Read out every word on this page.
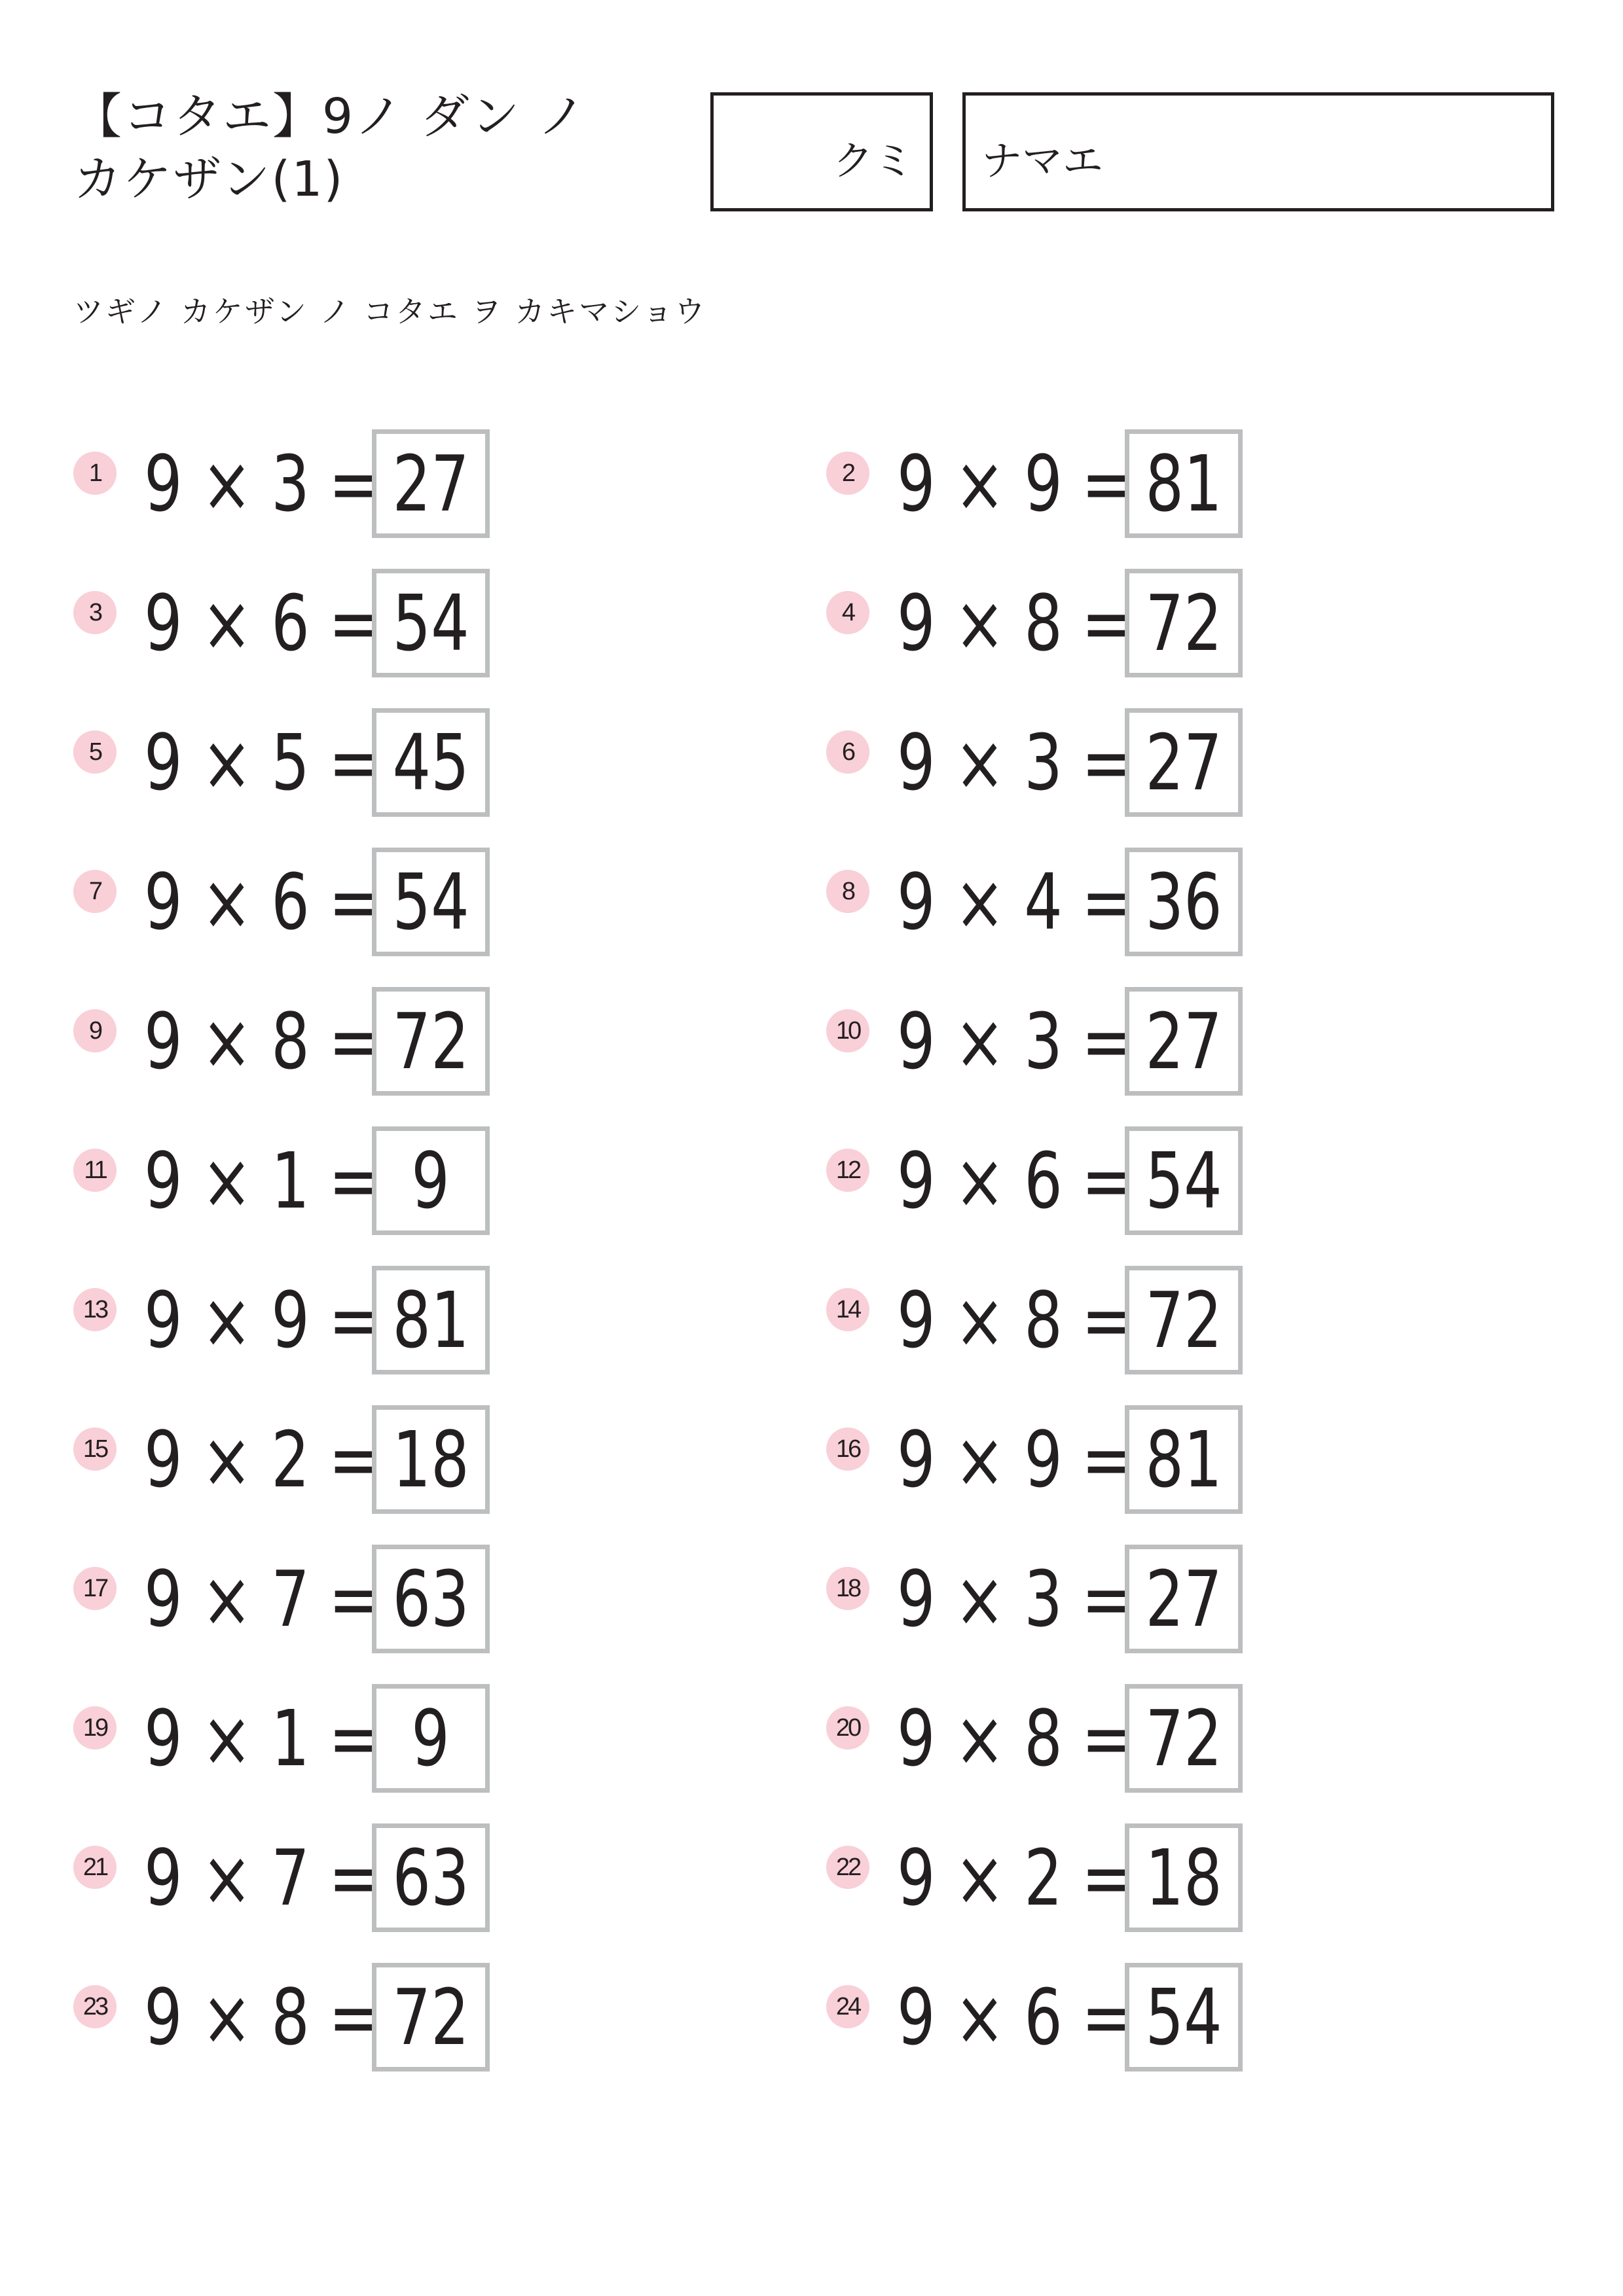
【コタエ】9ノ ダン ノ
カケザン(1)	クミ ナマエ
ツギノ カケザン ノ コタエ ヲ カキマショウ
1 9 × 3 = 27	2 9 × 9 = 81
3 9 × 6 = 54	4 9 × 8 = 72
5 9 × 5 = 45	6 9 × 3 = 27
7 9 × 6 = 54	8 9 × 4 = 36
9 9 × 8 = 72	10 9 × 3 = 27
11 9 × 1 = 9	12 9 × 6 = 54
13 9 × 9 = 81	14 9 × 8 = 72
15 9 × 2 = 18	16 9 × 9 = 81
17 9 × 7 = 63	18 9 × 3 = 27
19 9 × 1 = 9	20 9 × 8 = 72
21 9 × 7 = 63	22 9 × 2 = 18
23 9 × 8 = 72	24 9 × 6 = 54
